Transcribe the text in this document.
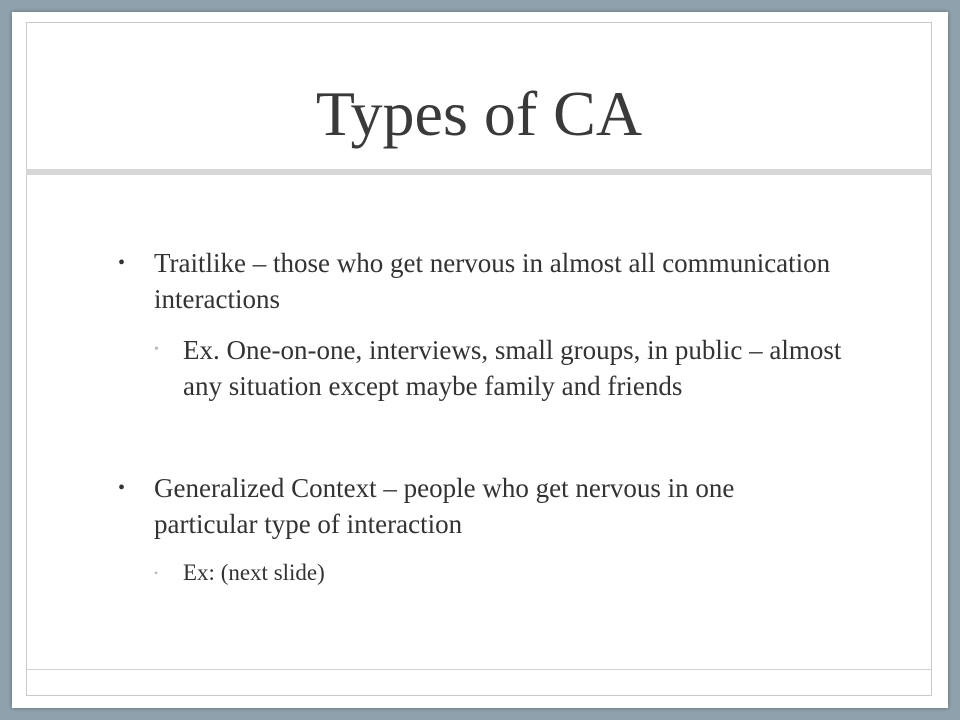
Types of CA
•	Traitlike – those who get nervous in almost all communication interactions
• Ex. One-on-one, interviews, small groups, in public – almost any situation except maybe family and friends
•	Generalized Context – people who get nervous in one particular type of interaction
•	Ex: (next slide)
